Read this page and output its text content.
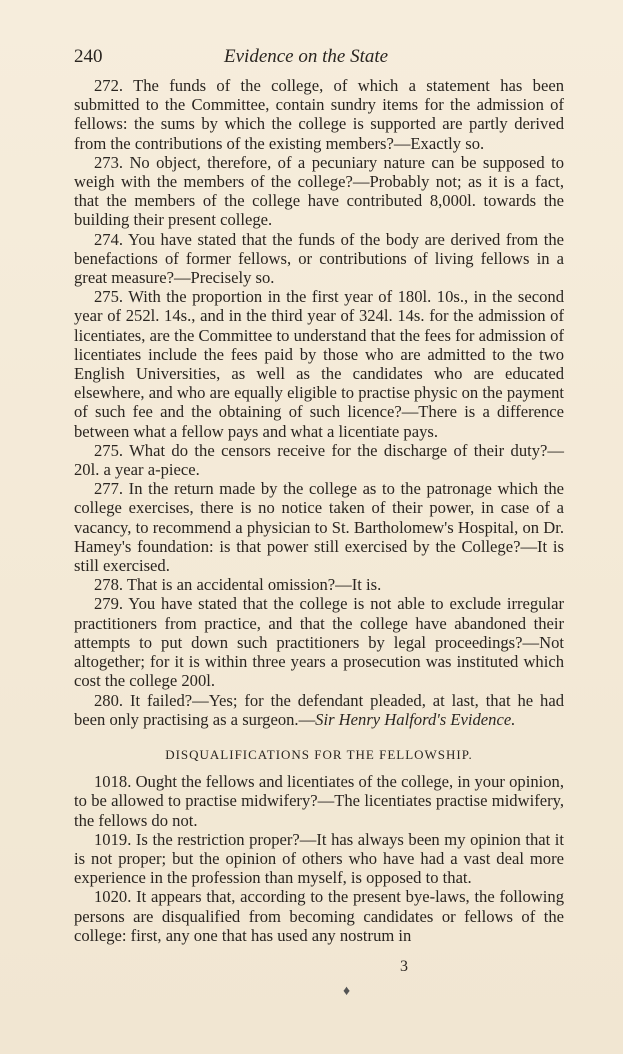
240	Evidence on the State

272. The funds of the college, of which a statement has been submitted to the Committee, contain sundry items for the admission of fellows: the sums by which the college is supported are partly derived from the contributions of the existing members?—Exactly so.

273. No object, therefore, of a pecuniary nature can be supposed to weigh with the members of the college?—Probably not; as it is a fact, that the members of the college have contributed 8,000l. towards the building their present college.

274. You have stated that the funds of the body are derived from the benefactions of former fellows, or contributions of living fellows in a great measure?—Precisely so.

275. With the proportion in the first year of 180l. 10s., in the second year of 252l. 14s., and in the third year of 324l. 14s. for the admission of licentiates, are the Committee to understand that the fees for admission of licentiates include the fees paid by those who are admitted to the two English Universities, as well as the candidates who are educated elsewhere, and who are equally eligible to practise physic on the payment of such fee and the obtaining of such licence?—There is a difference between what a fellow pays and what a licentiate pays.

275. What do the censors receive for the discharge of their duty?—20l. a year a-piece.

277. In the return made by the college as to the patronage which the college exercises, there is no notice taken of their power, in case of a vacancy, to recommend a physician to St. Bartholomew's Hospital, on Dr. Hamey's foundation: is that power still exercised by the College?—It is still exercised.

278. That is an accidental omission?—It is.

279. You have stated that the college is not able to exclude irregular practitioners from practice, and that the college have abandoned their attempts to put down such practitioners by legal proceedings?—Not altogether; for it is within three years a prosecution was instituted which cost the college 200l.

280. It failed?—Yes; for the defendant pleaded, at last, that he had been only practising as a surgeon.—Sir Henry Halford's Evidence.

DISQUALIFICATIONS FOR THE FELLOWSHIP.

1018. Ought the fellows and licentiates of the college, in your opinion, to be allowed to practise midwifery?—The licentiates practise midwifery, the fellows do not.

1019. Is the restriction proper?—It has always been my opinion that it is not proper; but the opinion of others who have had a vast deal more experience in the profession than myself, is opposed to that.

1020. It appears that, according to the present bye-laws, the following persons are disqualified from becoming candidates or fellows of the college: first, any one that has used any nostrum in

3
♦
